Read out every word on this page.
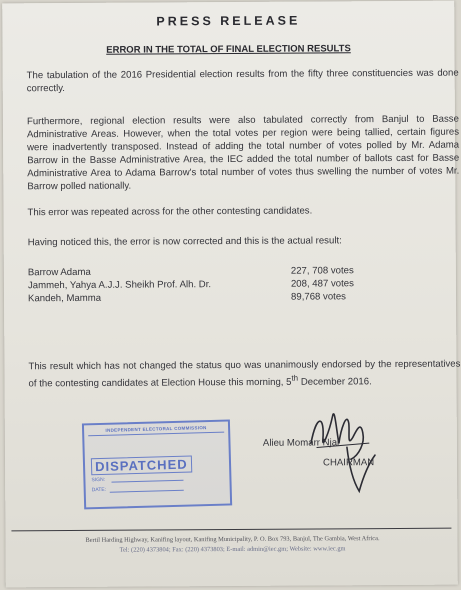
PRESS RELEASE
ERROR IN THE TOTAL OF FINAL ELECTION RESULTS

The tabulation of the 2016 Presidential election results from the fifty three constituencies was done correctly.

Furthermore, regional election results were also tabulated correctly from Banjul to Basse Administrative Areas. However, when the total votes per region were being tallied, certain figures were inadvertently transposed. Instead of adding the total number of votes polled by Mr. Adama Barrow in the Basse Administrative Area, the IEC added the total number of ballots cast for Basse Administrative Area to Adama Barrow's total number of votes thus swelling the number of votes Mr. Barrow polled nationally.

This error was repeated across for the other contesting candidates.

Having noticed this, the error is now corrected and this is the actual result:

Barrow Adama	227, 708 votes
Jammeh, Yahya A.J.J. Sheikh Prof. Alh. Dr.	208, 487 votes
Kandeh, Mamma	89,768 votes

This result which has not changed the status quo was unanimously endorsed by the representatives of the contesting candidates at Election House this morning, 5th December 2016.

INDEPENDENT ELECTORAL COMMISSION
DISPATCHED
SIGN:
DATE:
Alieu Momarr Njai
CHAIRMAN
Bertil Harding Highway, Kanifing layout, Kanifing Municipality, P. O. Box 793, Banjul, The Gambia, West Africa.
Tel: (220) 4373804; Fax: (220) 4373803; E-mail: admin@iec.gm; Website: www.iec.gm
